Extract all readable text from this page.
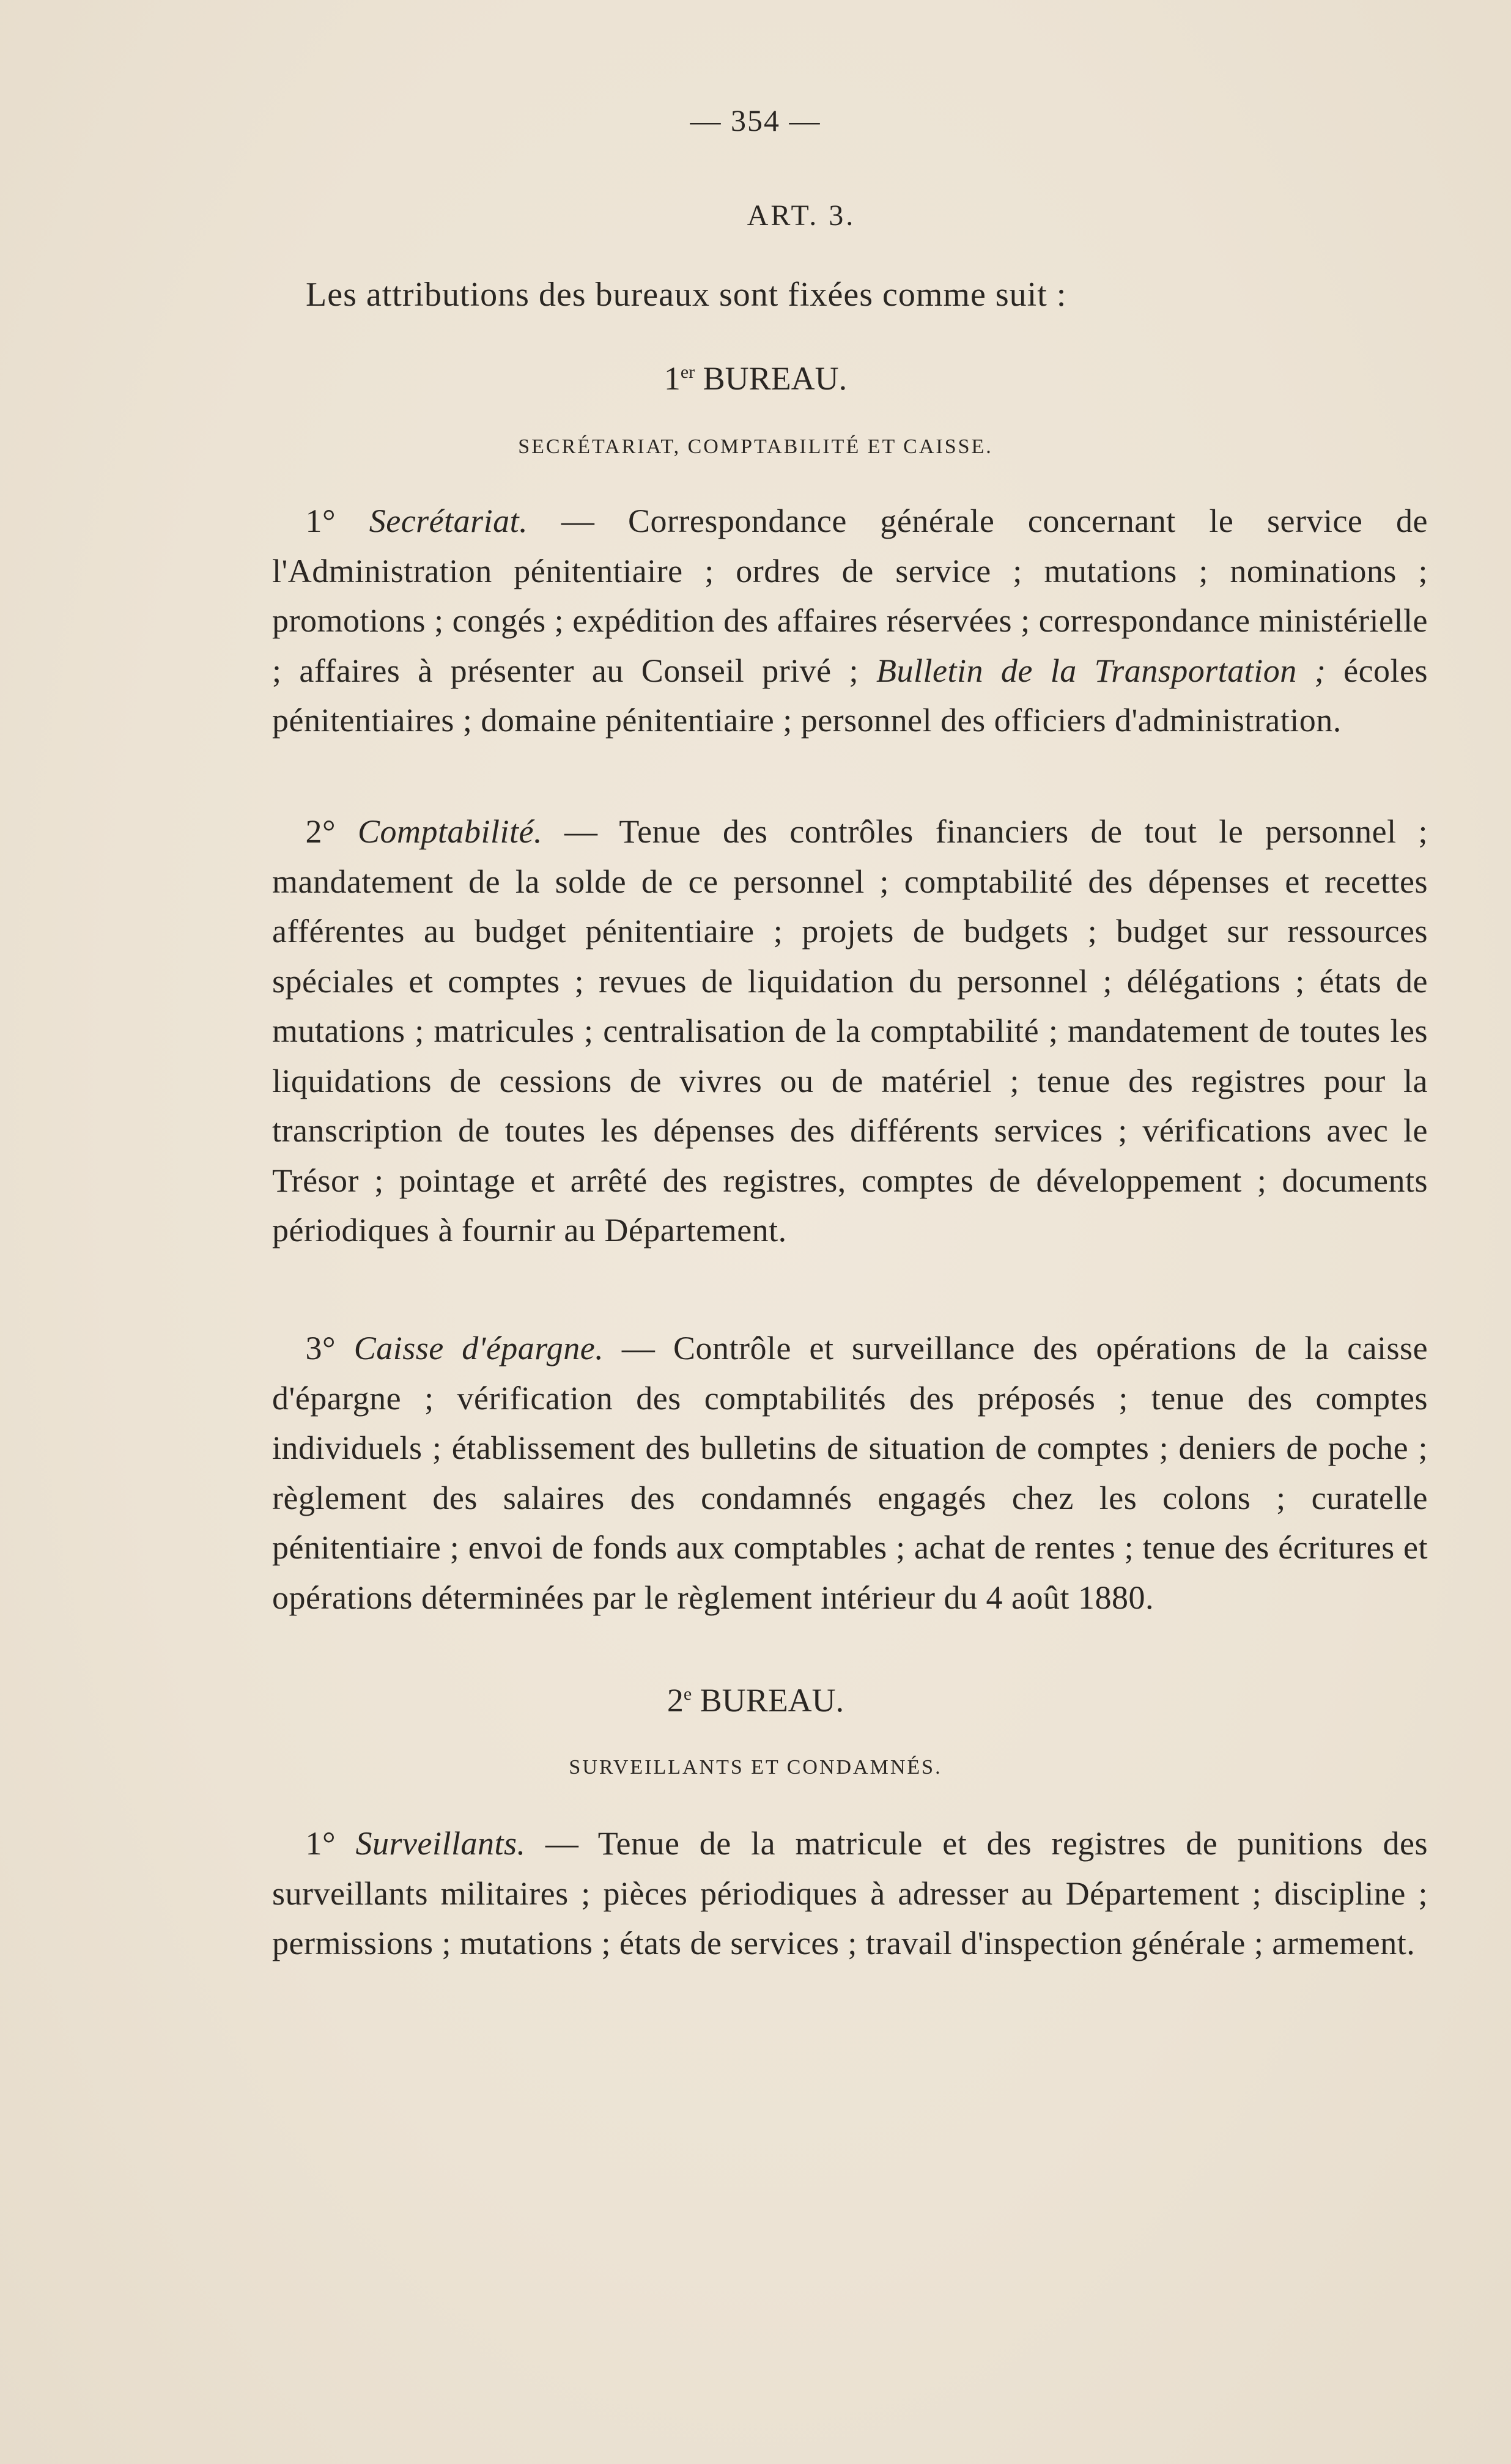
— 354 —
ART. 3.
Les attributions des bureaux sont fixées comme suit :
1er BUREAU.
SECRÉTARIAT, COMPTABILITÉ ET CAISSE.
 1° Secrétariat. — Correspondance générale concernant le service de l'Administration pénitentiaire ; ordres de service ; mutations ; nominations ; promotions ; congés ; expédition des affaires réservées ; correspondance ministérielle ; affaires à présenter au Conseil privé ; Bulletin de la Transportation ; écoles pénitentiaires ; domaine pénitentiaire ; personnel des officiers d'administration.
 2° Comptabilité. — Tenue des contrôles financiers de tout le personnel ; mandatement de la solde de ce personnel ; comptabilité des dépenses et recettes afférentes au budget pénitentiaire ; projets de budgets ; budget sur ressources spéciales et comptes ; revues de liquidation du personnel ; délégations ; états de mutations ; matricules ; centralisation de la comptabilité ; mandatement de toutes les liquidations de cessions de vivres ou de matériel ; tenue des registres pour la transcription de toutes les dépenses des différents services ; vérifications avec le Trésor ; pointage et arrêté des registres, comptes de développement ; documents périodiques à fournir au Département.
 3° Caisse d'épargne. — Contrôle et surveillance des opérations de la caisse d'épargne ; vérification des comptabilités des préposés ; tenue des comptes individuels ; établissement des bulletins de situation de comptes ; deniers de poche ; règlement des salaires des condamnés engagés chez les colons ; curatelle pénitentiaire ; envoi de fonds aux comptables ; achat de rentes ; tenue des écritures et opérations déterminées par le règlement intérieur du 4 août 1880.
2e BUREAU.
SURVEILLANTS ET CONDAMNÉS.
 1° Surveillants. — Tenue de la matricule et des registres de punitions des surveillants militaires ; pièces périodiques à adresser au Département ; discipline ; permissions ; mutations ; états de services ; travail d'inspection générale ; armement.
